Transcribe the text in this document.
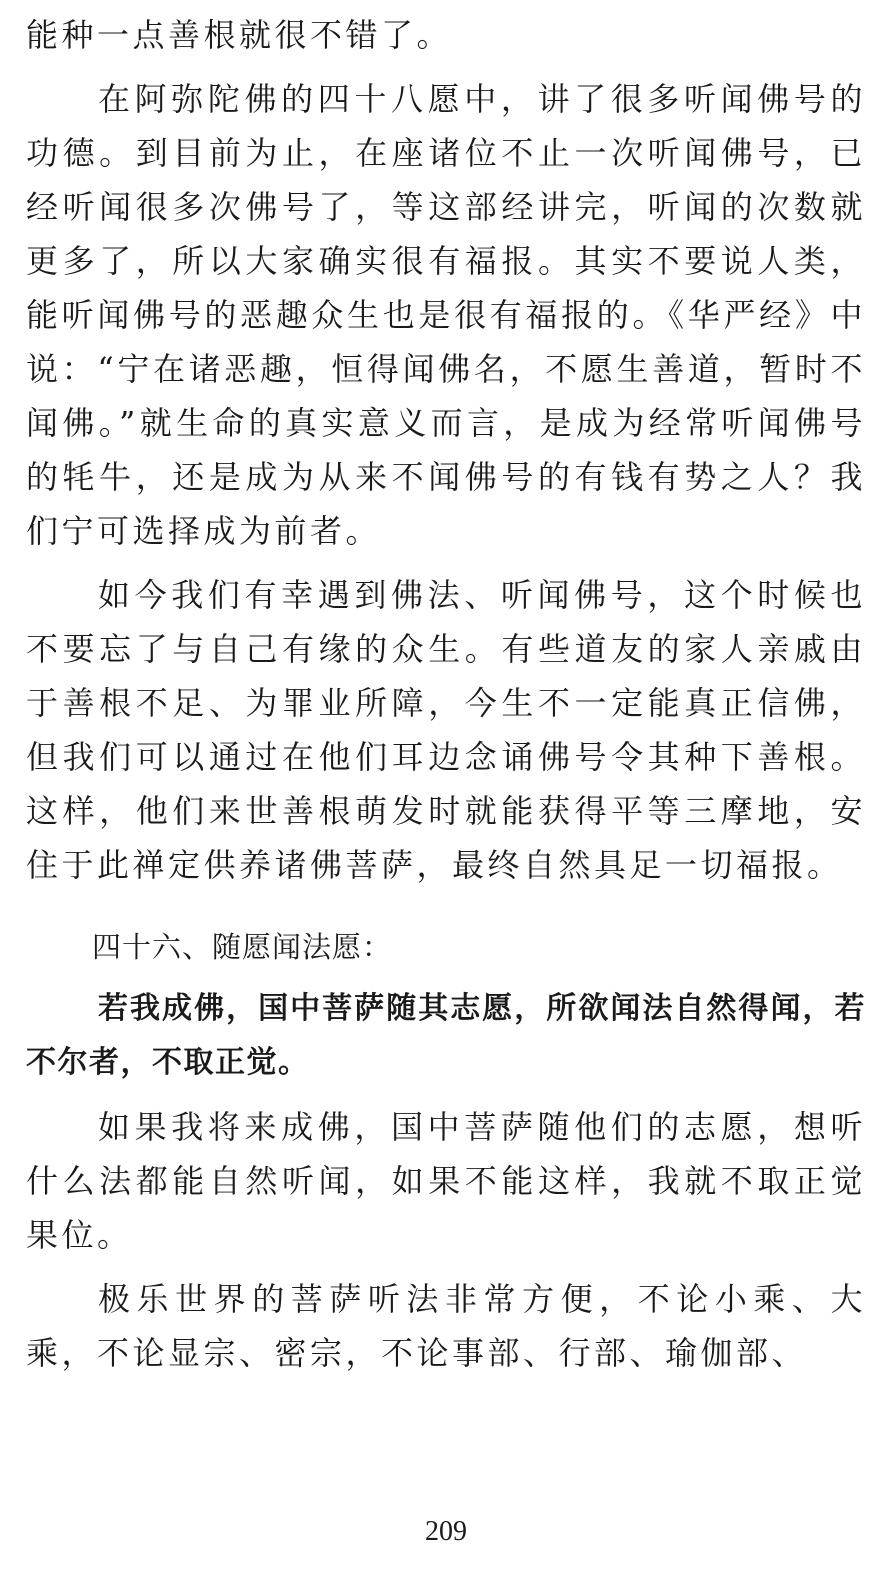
能种一点善根就很不错了。

在阿弥陀佛的四十八愿中，讲了很多听闻佛号的功德。到目前为止，在座诸位不止一次听闻佛号，已经听闻很多次佛号了，等这部经讲完，听闻的次数就更多了，所以大家确实很有福报。其实不要说人类，能听闻佛号的恶趣众生也是很有福报的。《华严经》中说：“宁在诸恶趣，恒得闻佛名，不愿生善道，暂时不闻佛。”就生命的真实意义而言，是成为经常听闻佛号的牦牛，还是成为从来不闻佛号的有钱有势之人？我们宁可选择成为前者。

如今我们有幸遇到佛法、听闻佛号，这个时候也不要忘了与自己有缘的众生。有些道友的家人亲戚由于善根不足、为罪业所障，今生不一定能真正信佛，但我们可以通过在他们耳边念诵佛号令其种下善根。这样，他们来世善根萌发时就能获得平等三摩地，安住于此禅定供养诸佛菩萨，最终自然具足一切福报。

四十六、随愿闻法愿：

若我成佛，国中菩萨随其志愿，所欲闻法自然得闻，若不尔者，不取正觉。

如果我将来成佛，国中菩萨随他们的志愿，想听什么法都能自然听闻，如果不能这样，我就不取正觉果位。

极乐世界的菩萨听法非常方便，不论小乘、大乘，不论显宗、密宗，不论事部、行部、瑜伽部、

209
